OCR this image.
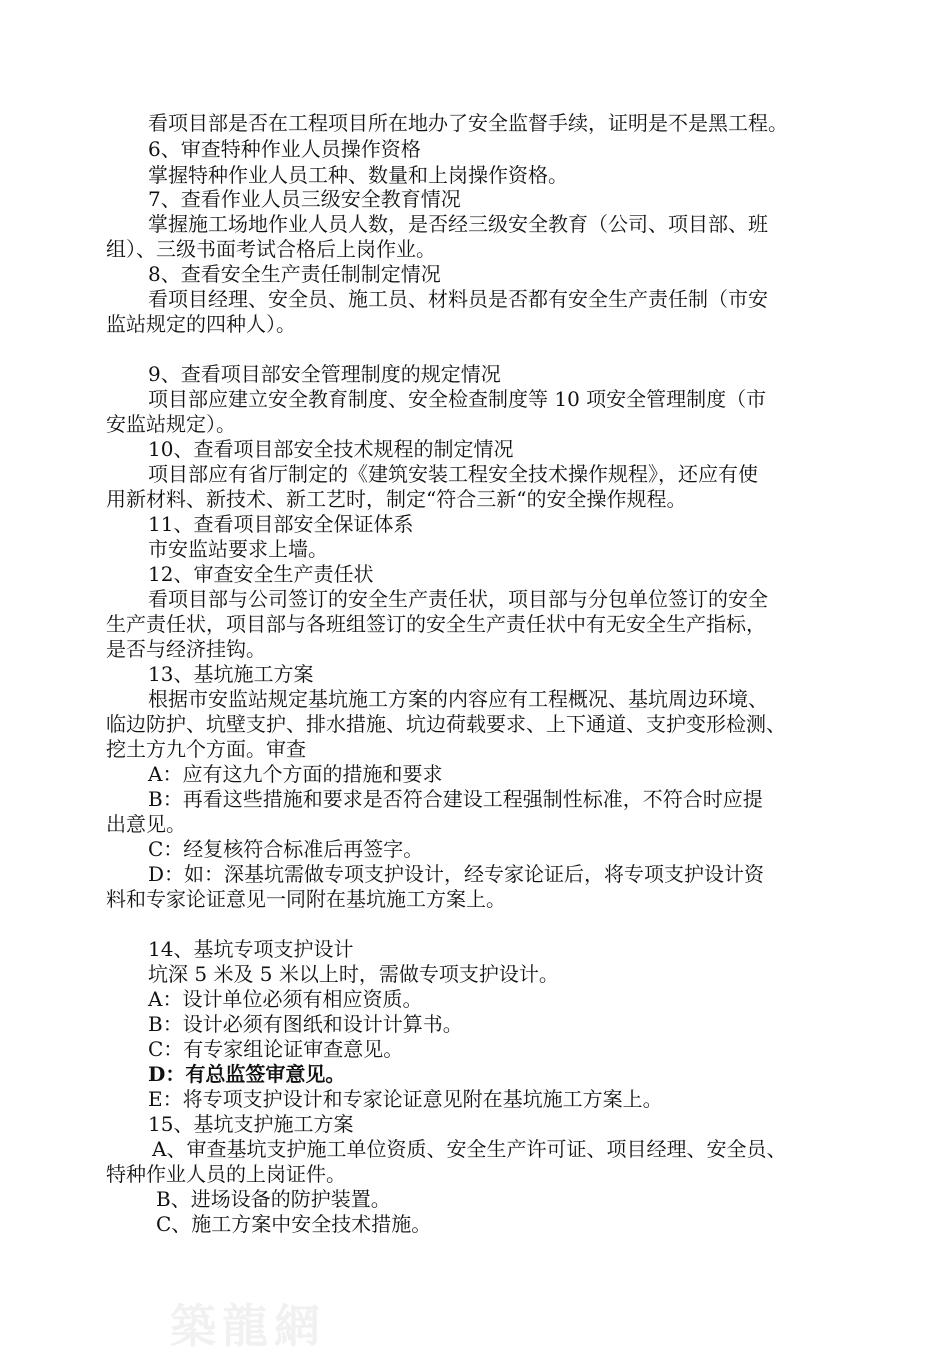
看项目部是否在工程项目所在地办了安全监督手续，证明是不是黑工程。
6、审查特种作业人员操作资格
掌握特种作业人员工种、数量和上岗操作资格。
7、查看作业人员三级安全教育情况
掌握施工场地作业人员人数，是否经三级安全教育（公司、项目部、班
组）、三级书面考试合格后上岗作业。
8、查看安全生产责任制制定情况
看项目经理、安全员、施工员、材料员是否都有安全生产责任制（市安
监站规定的四种人）。
9、查看项目部安全管理制度的规定情况
项目部应建立安全教育制度、安全检查制度等 10 项安全管理制度（市
安监站规定）。
10、查看项目部安全技术规程的制定情况
项目部应有省厅制定的《建筑安装工程安全技术操作规程》，还应有使
用新材料、新技术、新工艺时，制定“符合三新“的安全操作规程。
11、查看项目部安全保证体系
市安监站要求上墙。
12、审查安全生产责任状
看项目部与公司签订的安全生产责任状，项目部与分包单位签订的安全
生产责任状，项目部与各班组签订的安全生产责任状中有无安全生产指标，
是否与经济挂钩。
13、基坑施工方案
根据市安监站规定基坑施工方案的内容应有工程概况、基坑周边环境、
临边防护、坑壁支护、排水措施、坑边荷载要求、上下通道、支护变形检测、
挖土方九个方面。审查
A：应有这九个方面的措施和要求
B：再看这些措施和要求是否符合建设工程强制性标准，不符合时应提
出意见。
C：经复核符合标准后再签字。
D：如：深基坑需做专项支护设计，经专家论证后，将专项支护设计资
料和专家论证意见一同附在基坑施工方案上。
14、基坑专项支护设计
坑深 5 米及 5 米以上时，需做专项支护设计。
A：设计单位必须有相应资质。
B：设计必须有图纸和设计计算书。
C：有专家组论证审查意见。
D：有总监签审意见。
E：将专项支护设计和专家论证意见附在基坑施工方案上。
15、基坑支护施工方案
A、审查基坑支护施工单位资质、安全生产许可证、项目经理、安全员、
特种作业人员的上岗证件。
B、进场设备的防护装置。
C、施工方案中安全技术措施。
築龍網
